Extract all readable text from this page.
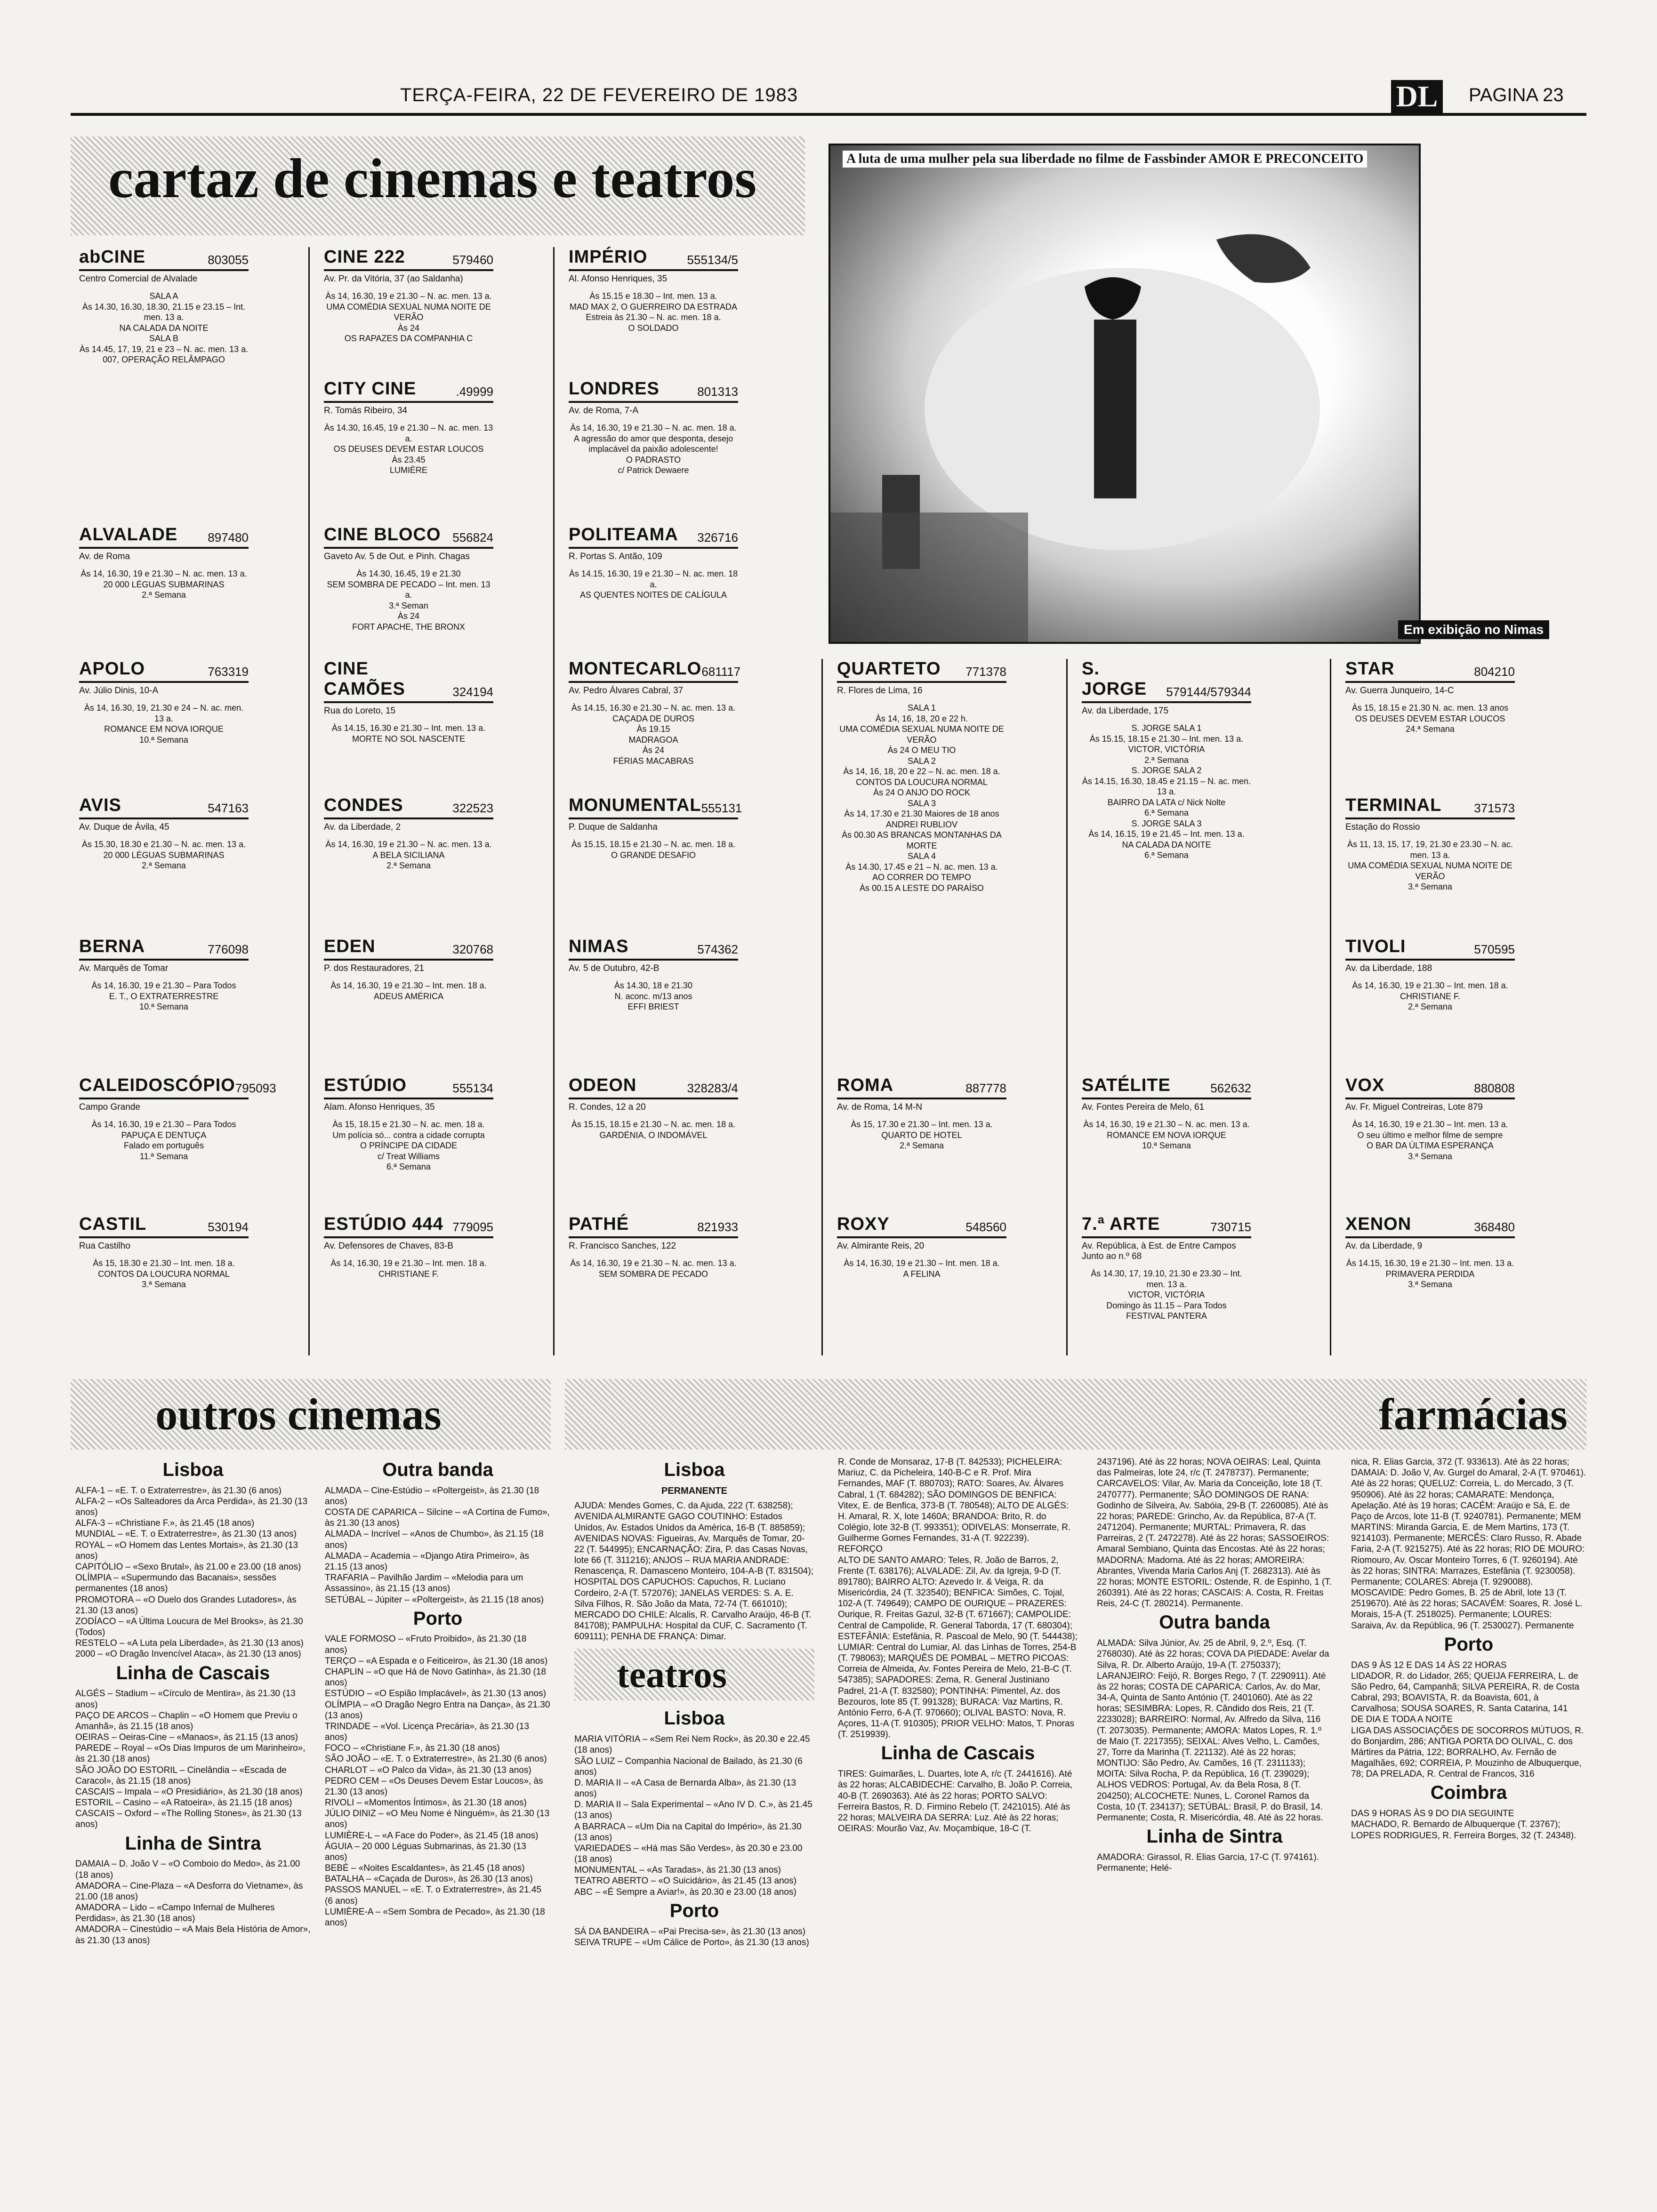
TERÇA-FEIRA, 22 DE FEVEREIRO DE 1983	DL PAGINA 23
cartaz de cinemas e teatros
abCINE	803055
Centro Comercial de Alvalade
SALA A
Às 14.30, 16.30, 18.30, 21.15 e 23.15 – Int. men. 13 a.
NA CALADA DA NOITE
SALA B
Às 14.45, 17, 19, 21 e 23 – N. ac. men. 13 a.
007, OPERAÇÃO RELÂMPAGO
ALVALADE 897480
Av. de Roma
Às 14, 16.30, 19 e 21.30 – N. ac. men. 13 a.
20 000 LÉGUAS SUBMARINAS
2.ª Semana
APOLO	763319
Av. Júlio Dinis, 10-A
Às 14, 16.30, 19, 21.30 e 24 – N. ac. men. 13 a.
ROMANCE EM NOVA IORQUE
10.ª Semana
AVIS	547163
Av. Duque de Ávila, 45
Às 15.30, 18.30 e 21.30 – N. ac. men. 13 a.
20 000 LÉGUAS SUBMARINAS
2.ª Semana
BERNA	776098
Av. Marquês de Tomar
Às 14, 16.30, 19 e 21.30 – Para Todos
E. T., O EXTRATERRESTRE
10.ª Semana
CALEIDOSCÓPIO 795093
Campo Grande
Às 14, 16.30, 19 e 21.30 – Para Todos
PAPUÇA E DENTUÇA
Falado em português
11.ª Semana
CASTIL	530194
Rua Castilho
Às 15, 18.30 e 21.30 – Int. men. 18 a.
CONTOS DA LOUCURA NORMAL
3.ª Semana
CINE 222	579460
Av. Pr. da Vitória, 37 (ao Saldanha)
Às 14, 16.30, 19 e 21.30 – N. ac. men. 13 a.
UMA COMÉDIA SEXUAL NUMA NOITE DE VERÃO
Às 24
OS RAPAZES DA COMPANHIA C
CITY CINE	.49999
R. Tomás Ribeiro, 34
Às 14.30, 16.45, 19 e 21.30 – N. ac. men. 13 a.
OS DEUSES DEVEM ESTAR LOUCOS
Às 23.45
LUMIÈRE
CINE BLOCO 556824
Gaveto Av. 5 de Out. e Pinh. Chagas
Às 14.30, 16.45, 19 e 21.30
SEM SOMBRA DE PECADO – Int. men. 13 a.
3.ª Seman
Às 24
FORT APACHE, THE BRONX
CINE CAMÕES	324194
Rua do Loreto, 15
Às 14.15, 16.30 e 21.30 – Int. men. 13 a.
MORTE NO SOL NASCENTE
CONDES	322523
Av. da Liberdade, 2
Às 14, 16.30, 19 e 21.30 – N. ac. men. 13 a.
A BELA SICILIANA
2.ª Semana
EDEN	320768
P. dos Restauradores, 21
Às 14, 16.30, 19 e 21.30 – Int. men. 18 a.
ADEUS AMÉRICA
ESTÚDIO	555134
Alam. Afonso Henriques, 35
Às 15, 18.15 e 21.30 – N. ac. men. 18 a.
Um polícia só... contra a cidade corrupta
O PRÍNCIPE DA CIDADE
c/ Treat Williams
6.ª Semana
ESTÚDIO 444 779095
Av. Defensores de Chaves, 83-B
Às 14, 16.30, 19 e 21.30 – Int. men. 18 a.
CHRISTIANE F.
IMPÉRIO	555134/5
Al. Afonso Henriques, 35
Às 15.15 e 18.30 – Int. men. 13 a.
MAD MAX 2, O GUERREIRO DA ESTRADA
Estreia às 21.30 – N. ac. men. 18 a.
O SOLDADO
LONDRES	801313
Av. de Roma, 7-A
Às 14, 16.30, 19 e 21.30 – N. ac. men. 18 a.
A agressão do amor que desponta, desejo implacável da paixão adolescente!
O PADRASTO
c/ Patrick Dewaere
POLITEAMA 326716
R. Portas S. Antão, 109
Às 14.15, 16.30, 19 e 21.30 – N. ac. men. 18 a.
AS QUENTES NOITES DE CALÍGULA
MONTECARLO 681117
Av. Pedro Álvares Cabral, 37
Às 14.15, 16.30 e 21.30 – N. ac. men. 13 a.
CAÇADA DE DUROS
Às 19.15
MADRAGOA
Às 24
FÉRIAS MACABRAS
MONUMENTAL 555131
P. Duque de Saldanha
Às 15.15, 18.15 e 21.30 – N. ac. men. 18 a.
O GRANDE DESAFIO
NIMAS	574362
Av. 5 de Outubro, 42-B
Às 14.30, 18 e 21.30
N. aconс. m/13 anos
EFFI BRIEST
ODEON	328283/4
R. Condes, 12 a 20
Às 15.15, 18.15 e 21.30 – N. ac. men. 18 a.
GARDÉNIA, O INDOMÁVEL
PATHÉ	821933
R. Francisco Sanches, 122
Às 14, 16.30, 19 e 21.30 – N. ac. men. 13 a.
SEM SOMBRA DE PECADO
QUARTETO 771378
R. Flores de Lima, 16
SALA 1
Às 14, 16, 18, 20 e 22 h.
UMA COMÉDIA SEXUAL NUMA NOITE DE VERÃO
Às 24 O MEU TIO
SALA 2
Às 14, 16, 18, 20 e 22 – N. ac. men. 18 a.
CONTOS DA LOUCURA NORMAL
Às 24 O ANJO DO ROCK
SALA 3
Às 14, 17.30 e 21.30 Maiores de 18 anos
ANDREI RUBLIOV
Às 00.30 AS BRANCAS MONTANHAS DA MORTE
SALA 4
Às 14.30, 17.45 e 21 – N. ac. men. 13 a.
AO CORRER DO TEMPO
Às 00.15 A LESTE DO PARAÍSO
ROMA	887778
Av. de Roma, 14 M-N
Às 15, 17.30 e 21.30 – Int. men. 13 a.
QUARTO DE HOTEL
2.ª Semana
ROXY	548560
Av. Almirante Reis, 20
Às 14, 16.30, 19 e 21.30 – Int. men. 18 a.
A FELINA
S. JORGE	579144/579344
Av. da Liberdade, 175
S. JORGE SALA 1
Às 15.15, 18.15 e 21.30 – Int. men. 13 a.
VICTOR, VICTÓRIA
2.ª Semana
S. JORGE SALA 2
Às 14.15, 16.30, 18.45 e 21.15 – N. ac. men. 13 a.
BAIRRO DA LATA c/ Nick Nolte
6.ª Semana
S. JORGE SALA 3
Às 14, 16.15, 19 e 21.45 – Int. men. 13 a.
NA CALADA DA NOITE
6.ª Semana
SATÉLITE	562632
Av. Fontes Pereira de Melo, 61
Às 14, 16.30, 19 e 21.30 – N. ac. men. 13 a.
ROMANCE EM NOVA IORQUE
10.ª Semana
7.ª ARTE	730715
Av. República, à Est. de Entre Campos Junto ao n.º 68
Às 14.30, 17, 19.10, 21.30 e 23.30 – Int. men. 13 a.
VICTOR, VICTÓRIA
Domingo às 11.15 – Para Todos
FESTIVAL PANTERA
STAR	804210
Av. Guerra Junqueiro, 14-C
Às 15, 18.15 e 21.30 N. ac. men. 13 anos
OS DEUSES DEVEM ESTAR LOUCOS
24.ª Semana
TERMINAL	371573
Estação do Rossio
Às 11, 13, 15, 17, 19, 21.30 e 23.30 – N. ac. men. 13 a.
UMA COMÉDIA SEXUAL NUMA NOITE DE VERÃO
3.ª Semana
TIVOLI	570595
Av. da Liberdade, 188
Às 14, 16.30, 19 e 21.30 – Int. men. 18 a.
CHRISTIANE F.
2.ª Semana
VOX	880808
Av. Fr. Miguel Contreiras, Lote 879
Às 14, 16.30, 19 e 21.30 – Int. men. 13 a.
O seu último e melhor filme de sempre
O BAR DA ÚLTIMA ESPERANÇA
3.ª Semana
XENON	368480
Av. da Liberdade, 9
Às 14.15, 16.30, 19 e 21.30 – Int. men. 13 a.
PRIMAVERA PERDIDA
3.ª Semana
A luta de uma mulher pela sua liberdade no filme de Fassbinder AMOR E PRECONCEITO
Em exibição no Nimas
outros cinemas	farmácias
Lisboa

ALFA-1 – «E. T. o Extraterrestre», às 21.30 (6 anos)
ALFA-2 – «Os Salteadores da Arca Perdida», às 21.30 (13 anos)
ALFA-3 – «Christiane F.», às 21.45 (18 anos)
MUNDIAL – «E. T. o Extraterrestre», às 21.30 (13 anos)
ROYAL – «O Homem das Lentes Mortais», às 21.30 (13 anos)
CAPITÓLIO – «Sexo Brutal», às 21.00 e 23.00 (18 anos)
OLÍMPIA – «Supermundo das Bacanais», sessões permanentes (18 anos)
PROMOTORA – «O Duelo dos Grandes Lutadores», às 21.30 (13 anos)
ZODÍACO – «A Última Loucura de Mel Brooks», às 21.30 (Todos)
RESTELO – «A Luta pela Liberdade», às 21.30 (13 anos)
2000 – «O Dragão Invencível Ataca», às 21.30 (13 anos)

Linha de Cascais

ALGÉS – Stadium – «Círculo de Mentira», às 21.30 (13 anos)
PAÇO DE ARCOS – Chaplin – «O Homem que Previu o Amanhã», às 21.15 (18 anos)
OEIRAS – Oeiras-Cine – «Manaos», às 21.15 (13 anos)
PAREDE – Royal – «Os Dias Impuros de um Marinheiro», às 21.30 (18 anos)
SÃO JOÃO DO ESTORIL – Cinelândia – «Escada de Caracol», às 21.15 (18 anos)
CASCAIS – Impala – «O Presidiário», às 21.30 (18 anos)
ESTORIL – Casino – «A Ratoeira», às 21.15 (18 anos)
CASCAIS – Oxford – «The Rolling Stones», às 21.30 (13 anos)

Linha de Sintra

DAMAIA – D. João V – «O Comboio do Medo», às 21.00 (18 anos)
AMADORA – Cine-Plaza – «A Desforra do Vietname», às 21.00 (18 anos)
AMADORA – Lido – «Campo Infernal de Mulheres Perdidas», às 21.30 (18 anos)
AMADORA – Cinestúdio – «A Mais Bela História de Amor», às 21.30 (13 anos)

Outra banda

ALMADA – Cine-Estúdio – «Poltergeist», às 21.30 (18 anos)
COSTA DE CAPARICA – Silcine – «A Cortina de Fumo», às 21.30 (13 anos)
ALMADA – Incrível – «Anos de Chumbo», às 21.15 (18 anos)
ALMADA – Academia – «Django Atira Primeiro», às 21.15 (13 anos)
TRAFARIA – Pavilhão Jardim – «Melodia para um Assassino», às 21.15 (13 anos)
SETÚBAL – Júpiter – «Poltergeist», às 21.15 (18 anos)

Porto

VALE FORMOSO – «Fruto Proibido», às 21.30 (18 anos)
TERÇO – «A Espada e o Feiticeiro», às 21.30 (18 anos)
CHAPLIN – «O que Há de Novo Gatinha», às 21.30 (18 anos)
ESTÚDIO – «O Espião Implacável», às 21.30 (13 anos)
OLÍMPIA – «O Dragão Negro Entra na Dança», às 21.30 (13 anos)
TRINDADE – «Vol. Licença Precária», às 21.30 (13 anos)
FOCO – «Christiane F.», às 21.30 (18 anos)
SÃO JOÃO – «E. T. o Extraterrestre», às 21.30 (6 anos)
CHARLOT – «O Palco da Vida», às 21.30 (13 anos)
PEDRO CEM – «Os Deuses Devem Estar Loucos», às 21.30 (13 anos)
RIVOLI – «Momentos Íntimos», às 21.30 (18 anos)
JÚLIO DINIZ – «O Meu Nome é Ninguém», às 21.30 (13 anos)
LUMIÈRE-L – «A Face do Poder», às 21.45 (18 anos)
ÁGUIA – 20 000 Léguas Submarinas, às 21.30 (13 anos)
BEBÉ – «Noites Escaldantes», às 21.45 (18 anos)
BATALHA – «Caçada de Duros», às 26.30 (13 anos)
PASSOS MANUEL – «E. T. o Extraterrestre», às 21.45 (6 anos)
LUMIÈRE-A – «Sem Sombra de Pecado», às 21.30 (18 anos)

Lisboa
PERMANENTE

AJUDA: Mendes Gomes, C. da Ajuda, 222 (T. 638258); AVENIDA ALMIRANTE GAGO COUTINHO: Estados Unidos, Av. Estados Unidos da América, 16-B (T. 885859); AVENIDAS NOVAS: Figueiras, Av. Marquês de Tomar, 20-22 (T. 544995); ENCARNAÇÃO: Zira, P. das Casas Novas, lote 66 (T. 311216); ANJOS – RUA MARIA ANDRADE: Renascença, R. Damasceno Monteiro, 104-A-B (T. 831504); HOSPITAL DOS CAPUCHOS: Capuchos, R. Luciano Cordeiro, 2-A (T. 572076); JANELAS VERDES: S. A. E. Silva Filhos, R. São João da Mata, 72-74 (T. 661010); MERCADO DO CHILE: Alcalis, R. Carvalho Araújo, 46-B (T. 841708); PAMPULHA: Hospital da CUF, C. Sacramento (T. 609111); PENHA DE FRANÇA: Dimar.

teatros
Lisboa

MARIA VITÓRIA – «Sem Rei Nem Rock», às 20.30 e 22.45 (18 anos)
SÃO LUIZ – Companhia Nacional de Bailado, às 21.30 (6 anos)
D. MARIA II – «A Casa de Bernarda Alba», às 21.30 (13 anos)
D. MARIA II – Sala Experimental – «Ano IV D. C.», às 21.45 (13 anos)
A BARRACA – «Um Dia na Capital do Império», às 21.30 (13 anos)
VARIEDADES – «Há mas São Verdes», às 20.30 e 23.00 (18 anos)
MONUMENTAL – «As Taradas», às 21.30 (13 anos)
TEATRO ABERTO – «O Suicidário», às 21.45 (13 anos)
ABC – «É Sempre a Aviar!», às 20.30 e 23.00 (18 anos)

Porto

SÁ DA BANDEIRA – «Pai Precisa-se», às 21.30 (13 anos)
SEIVA TRUPE – «Um Cálice de Porto», às 21.30 (13 anos)

R. Conde de Monsaraz, 17-B (T. 842533); PICHELEIRA: Mariuz, C. da Picheleira, 140-B-C e R. Prof. Mira Fernandes, MAF (T. 880703); RATO: Soares, Av. Álvares Cabral, 1 (T. 684282); SÃO DOMINGOS DE BENFICA: Vitex, E. de Benfica, 373-B (T. 780548); ALTO DE ALGÉS: H. Amaral, R. X, lote 1460A; BRANDOA: Brito, R. do Colégio, lote 32-B (T. 993351); ODIVELAS: Monserrate, R. Guilherme Gomes Fernandes, 31-A (T. 922239).
REFORÇO
ALTO DE SANTO AMARO: Teles, R. João de Barros, 2, Frente (T. 638176); ALVALADE: Zil, Av. da Igreja, 9-D (T. 891780); BAIRRO ALTO: Azevedo Ir. & Veiga, R. da Misericórdia, 24 (T. 323540); BENFICA: Simões, C. Tojal, 102-A (T. 749649); CAMPO DE OURIQUE – PRAZERES: Ourique, R. Freitas Gazul, 32-B (T. 671667); CAMPOLIDE: Central de Campolide, R. General Taborda, 17 (T. 680304); ESTEFÂNIA: Estefânia, R. Pascoal de Melo, 90 (T. 544438); LUMIAR: Central do Lumiar, Al. das Linhas de Torres, 254-B (T. 798063); MARQUÊS DE POMBAL – METRO PICOAS: Correia de Almeida, Av. Fontes Pereira de Melo, 21-B-C (T. 547385); SAPADORES: Zema, R. General Justiniano Padrel, 21-A (T. 832580); PONTINHA: Pimentel, Az. dos Bezouros, lote 85 (T. 991328); BURACA: Vaz Martins, R. António Ferro, 6-A (T. 970660); OLIVAL BASTO: Nova, R. Açores, 11-A (T. 910305); PRIOR VELHO: Matos, T. Pnoras (T. 2519939).

Linha de Cascais

TIRES: Guimarães, L. Duartes, lote A, r/c (T. 2441616). Até às 22 horas; ALCABIDECHE: Carvalho, B. João P. Correia, 40-B (T. 2690363). Até às 22 horas; PORTO SALVO: Ferreira Bastos, R. D. Firmino Rebelo (T. 2421015). Até às 22 horas; MALVEIRA DA SERRA: Luz. Até às 22 horas; OEIRAS: Mourão Vaz, Av. Moçambique, 18-C (T.

2437196). Até às 22 horas; NOVA OEIRAS: Leal, Quinta das Palmeiras, lote 24, r/c (T. 2478737). Permanente; CARCAVELOS: Vilar, Av. Maria da Conceição, lote 18 (T. 2470777). Permanente; SÃO DOMINGOS DE RANA: Godinho de Silveira, Av. Sabóia, 29-B (T. 2260085). Até às 22 horas; PAREDE: Grincho, Av. da República, 87-A (T. 2471204). Permanente; MURTAL: Primavera, R. das Parreiras, 2 (T. 2472278). Até às 22 horas; SASSOEIROS: Amaral Sembiano, Quinta das Encostas. Até às 22 horas; MADORNA: Madorna. Até às 22 horas; AMOREIRA: Abrantes, Vivenda Maria Carlos Anj (T. 2682313). Até às 22 horas; MONTE ESTORIL: Ostende, R. de Espinho, 1 (T. 260391). Até às 22 horas; CASCAIS: A. Costa, R. Freitas Reis, 24-C (T. 280214). Permanente.

Outra banda

ALMADA: Silva Júnior, Av. 25 de Abril, 9, 2.º, Esq. (T. 2768030). Até às 22 horas; COVA DA PIEDADE: Avelar da Silva, R. Dr. Alberto Araújo, 19-A (T. 2750337); LARANJEIRO: Feijó, R. Borges Rego, 7 (T. 2290911). Até às 22 horas; COSTA DE CAPARICA: Carlos, Av. do Mar, 34-A, Quinta de Santo António (T. 2401060). Até às 22 horas; SESIMBRA: Lopes, R. Cândido dos Reis, 21 (T. 2233028); BARREIRO: Normal, Av. Alfredo da Silva, 116 (T. 2073035). Permanente; AMORA: Matos Lopes, R. 1.º de Maio (T. 2217355); SEIXAL: Alves Velho, L. Camões, 27, Torre da Marinha (T. 221132). Até às 22 horas; MONTIJO: São Pedro, Av. Camões, 16 (T. 2311133); MOITA: Silva Rocha, P. da República, 16 (T. 239029); ALHOS VEDROS: Portugal, Av. da Bela Rosa, 8 (T. 204250); ALCOCHETE: Nunes, L. Coronel Ramos da Costa, 10 (T. 234137); SETÚBAL: Brasil, P. do Brasil, 14. Permanente; Costa, R. Misericórdia, 48. Até às 22 horas.

Linha de Sintra

AMADORA: Girassol, R. Elias Garcia, 17-C (T. 974161). Permanente; Helé-

nica, R. Elias Garcia, 372 (T. 933613). Até às 22 horas; DAMAIA: D. João V, Av. Gurgel do Amaral, 2-A (T. 970461). Até às 22 horas; QUELUZ: Correia, L. do Mercado, 3 (T. 950906). Até às 22 horas; CAMARATE: Mendonça, Apelação. Até às 19 horas; CACÉM: Araújo e Sá, E. de Paço de Arcos, lote 11-B (T. 9240781). Permanente; MEM MARTINS: Miranda Garcia, E. de Mem Martins, 173 (T. 9214103). Permanente; MERCÊS: Claro Russo, R. Abade Faria, 2-A (T. 9215275). Até às 22 horas; RIO DE MOURO: Riomouro, Av. Oscar Monteiro Torres, 6 (T. 9260194). Até às 22 horas; SINTRA: Marrazes, Estefânia (T. 9230058). Permanente; COLARES: Abreja (T. 9290088).
MOSCAVIDE: Pedro Gomes, B. 25 de Abril, lote 13 (T. 2519670). Até às 22 horas; SACAVÉM: Soares, R. José L. Morais, 15-A (T. 2518025). Permanente; LOURES: Saraiva, Av. da República, 96 (T. 2530027). Permanente

Porto

DAS 9 ÀS 12 E DAS 14 ÀS 22 HORAS
LIDADOR, R. do Lidador, 265; QUEIJA FERREIRA, L. de São Pedro, 64, Campanhã; SILVA PEREIRA, R. de Costa Cabral, 293; BOAVISTA, R. da Boavista, 601, à Carvalhosa; SOUSA SOARES, R. Santa Catarina, 141
DE DIA E TODA A NOITE
LIGA DAS ASSOCIAÇÕES DE SOCORROS MÚTUOS, R. do Bonjardim, 286; ANTIGA PORTA DO OLIVAL, C. dos Mártires da Pátria, 122; BORRALHO, Av. Fernão de Magalhães, 692; CORREIA, P. Mouzinho de Albuquerque, 78; DA PRELADA, R. Central de Francos, 316

Coimbra

DAS 9 HORAS ÀS 9 DO DIA SEGUINTE
MACHADO, R. Bernardo de Albuquerque (T. 23767); LOPES RODRIGUES, R. Ferreira Borges, 32 (T. 24348).
